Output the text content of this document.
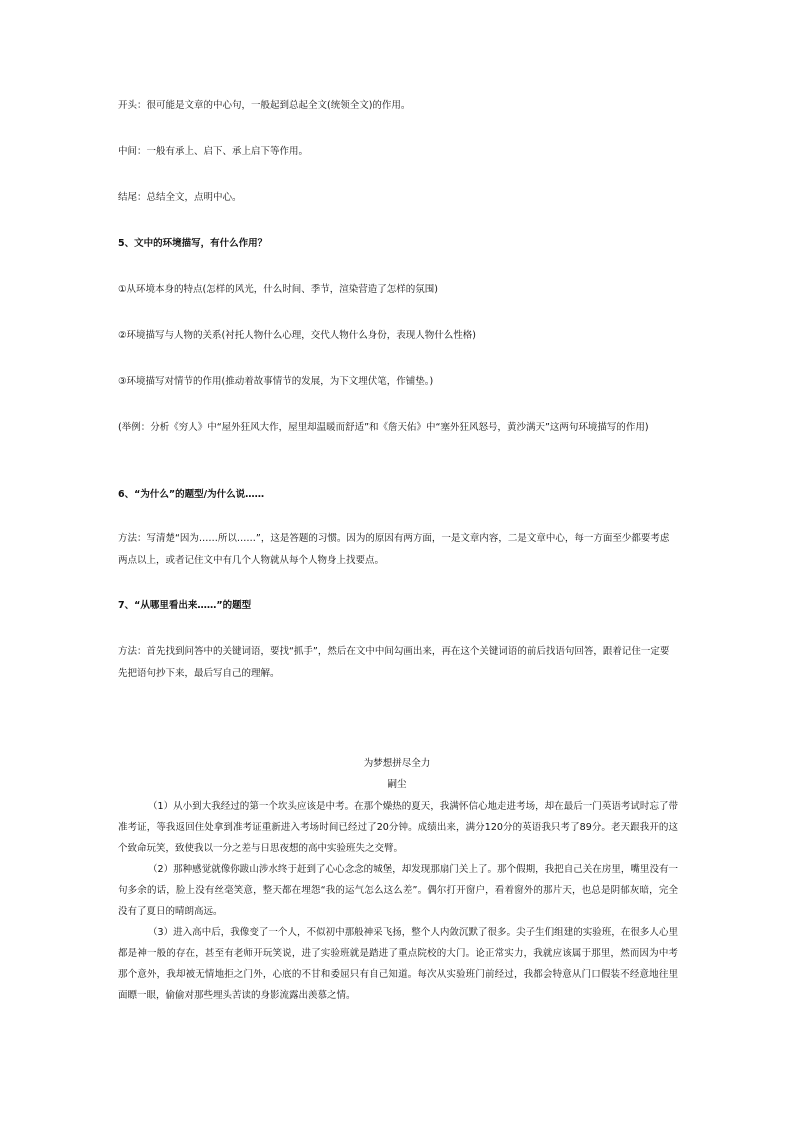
开头：很可能是文章的中心句，一般起到总起全文(统领全文)的作用。
中间：一般有承上、启下、承上启下等作用。
结尾：总结全文，点明中心。
5、文中的环境描写，有什么作用？
①从环境本身的特点(怎样的风光，什么时间、季节，渲染营造了怎样的氛围)
②环境描写与人物的关系(衬托人物什么心理，交代人物什么身份，表现人物什么性格)
③环境描写对情节的作用(推动着故事情节的发展，为下文埋伏笔，作铺垫。)
(举例：分析《穷人》中“屋外狂风大作，屋里却温暖而舒适”和《詹天佑》中“塞外狂风怒号，黄沙满天”这两句环境描写的作用)
6、“为什么”的题型/为什么说……
方法：写清楚“因为……所以……”，这是答题的习惯。因为的原因有两方面，一是文章内容，二是文章中心，每一方面至少都要考虑两点以上，或者记住文中有几个人物就从每个人物身上找要点。
7、“从哪里看出来……”的题型
方法：首先找到问答中的关键词语，要找“抓手”，然后在文中中间勾画出来，再在这个关键词语的前后找语句回答，跟着记住一定要先把语句抄下来，最后写自己的理解。
为梦想拼尽全力
嗣尘

（1）从小到大我经过的第一个坎头应该是中考。在那个燥热的夏天，我满怀信心地走进考场，却在最后一门英语考试时忘了带准考证，等我返回住处拿到准考证重新进入考场时间已经过了20分钟。成绩出来，满分120分的英语我只考了89分。老天跟我开的这个致命玩笑，致使我以一分之差与日思夜想的高中实验班失之交臂。

（2）那种感觉就像你跋山涉水终于赶到了心心念念的城堡，却发现那扇门关上了。那个假期，我把自己关在房里，嘴里没有一句多余的话，脸上没有丝毫笑意，整天都在埋怨“我的运气怎么这么差”。偶尔打开窗户，看着窗外的那片天，也总是阴郁灰暗，完全没有了夏日的晴朗高远。

（3）进入高中后，我像变了一个人，不似初中那般神采飞扬，整个人内敛沉默了很多。尖子生们组建的实验班，在很多人心里都是神一般的存在，甚至有老师开玩笑说，进了实验班就是踏进了重点院校的大门。论正常实力，我就应该属于那里，然而因为中考那个意外，我却被无情地拒之门外，心底的不甘和委屈只有自己知道。每次从实验班门前经过，我都会特意从门口假装不经意地往里面瞟一眼，偷偷对那些埋头苦读的身影流露出羡慕之情。
